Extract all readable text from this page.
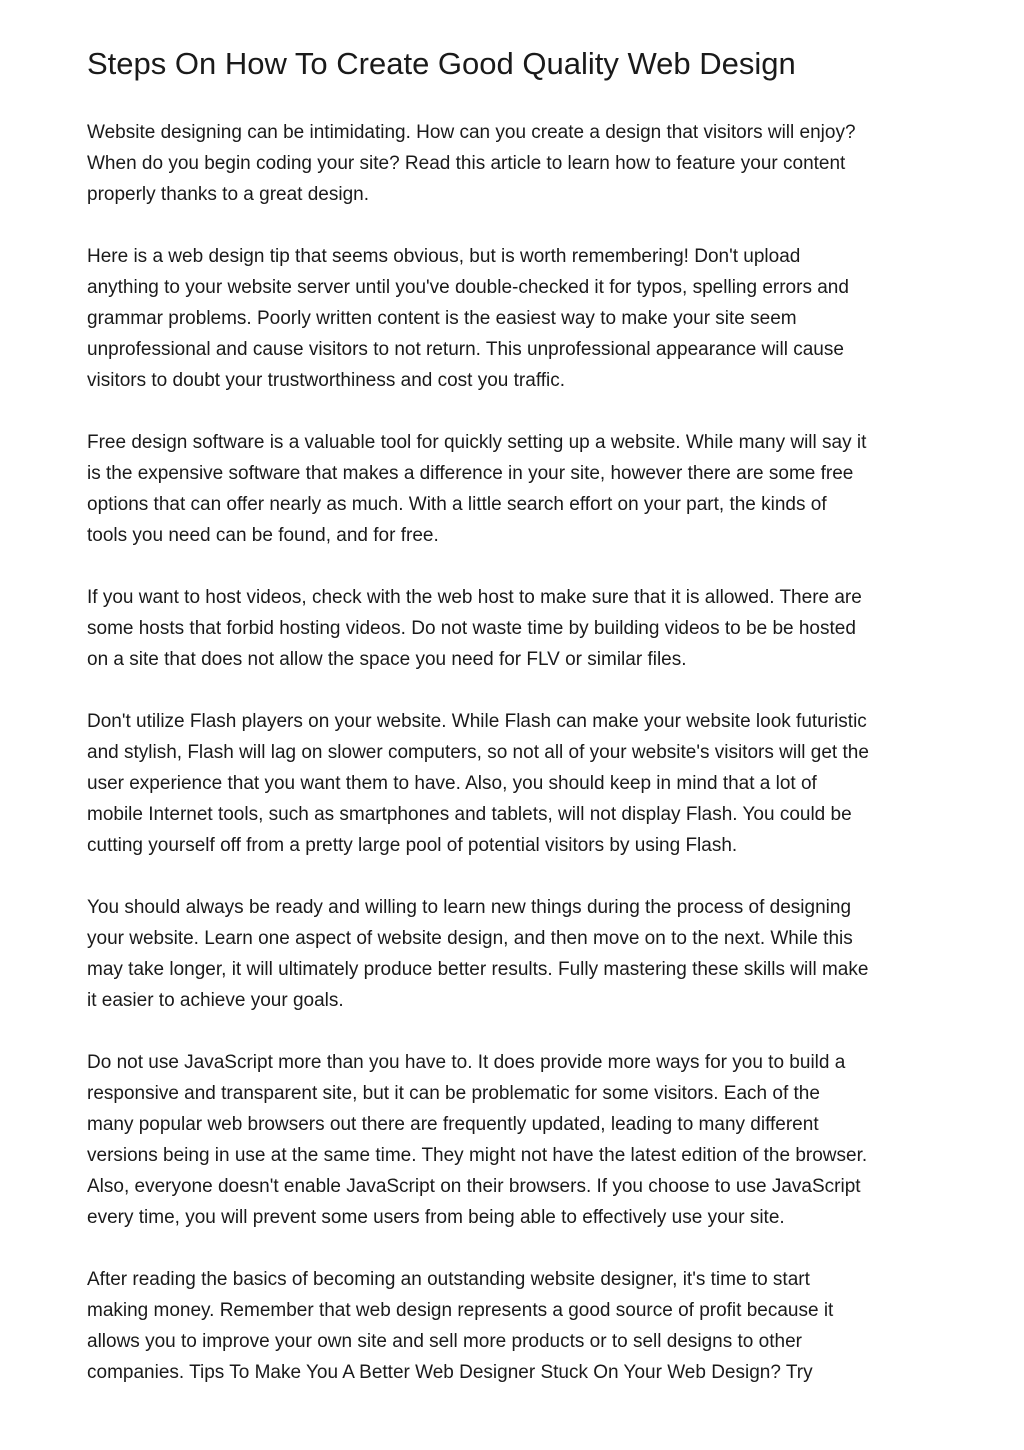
Steps On How To Create Good Quality Web Design

Website designing can be intimidating. How can you create a design that visitors will enjoy?
When do you begin coding your site? Read this article to learn how to feature your content
properly thanks to a great design.

Here is a web design tip that seems obvious, but is worth remembering! Don't upload
anything to your website server until you've double-checked it for typos, spelling errors and
grammar problems. Poorly written content is the easiest way to make your site seem
unprofessional and cause visitors to not return. This unprofessional appearance will cause
visitors to doubt your trustworthiness and cost you traffic.

Free design software is a valuable tool for quickly setting up a website. While many will say it
is the expensive software that makes a difference in your site, however there are some free
options that can offer nearly as much. With a little search effort on your part, the kinds of
tools you need can be found, and for free.

If you want to host videos, check with the web host to make sure that it is allowed. There are
some hosts that forbid hosting videos. Do not waste time by building videos to be be hosted
on a site that does not allow the space you need for FLV or similar files.

Don't utilize Flash players on your website. While Flash can make your website look futuristic
and stylish, Flash will lag on slower computers, so not all of your website's visitors will get the
user experience that you want them to have. Also, you should keep in mind that a lot of
mobile Internet tools, such as smartphones and tablets, will not display Flash. You could be
cutting yourself off from a pretty large pool of potential visitors by using Flash.

You should always be ready and willing to learn new things during the process of designing
your website. Learn one aspect of website design, and then move on to the next. While this
may take longer, it will ultimately produce better results. Fully mastering these skills will make
it easier to achieve your goals.

Do not use JavaScript more than you have to. It does provide more ways for you to build a
responsive and transparent site, but it can be problematic for some visitors. Each of the
many popular web browsers out there are frequently updated, leading to many different
versions being in use at the same time. They might not have the latest edition of the browser.
Also, everyone doesn't enable JavaScript on their browsers. If you choose to use JavaScript
every time, you will prevent some users from being able to effectively use your site.

After reading the basics of becoming an outstanding website designer, it's time to start
making money. Remember that web design represents a good source of profit because it
allows you to improve your own site and sell more products or to sell designs to other
companies. Tips To Make You A Better Web Designer Stuck On Your Web Design? Try
